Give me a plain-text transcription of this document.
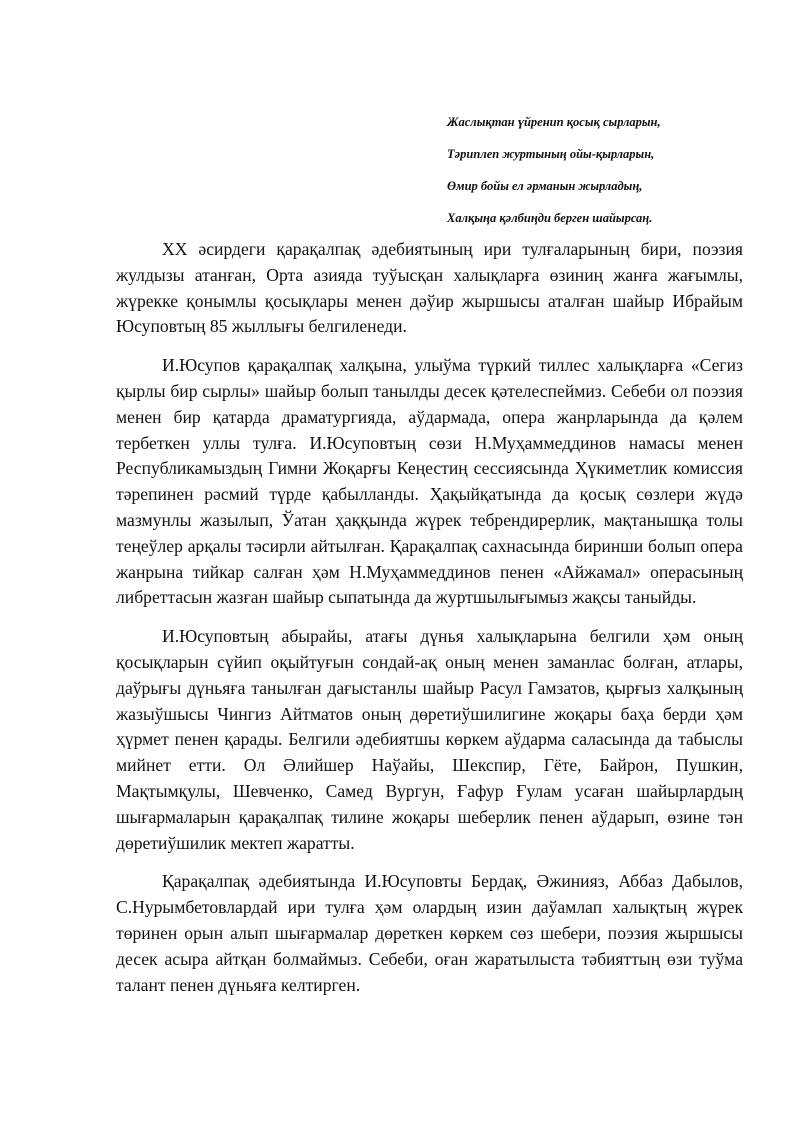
Жаслықтан үйренип қосық сырларын,
Тәриплеп журтының ойы-қырларын,
Өмир бойы ел әрманын жырладың,
Халқыңа қәлбиңди берген шайырсаң.

XX әсирдеги қарақалпақ әдебиятының ири тулғаларының бири, поэзия жулдызы атанған, Орта азияда туўысқан халықларға өзиниң жанға жағымлы, жүрекке қонымлы қосықлары менен дәўир жыршысы аталған шайыр Ибрайым Юсуповтың 85 жыллығы белгиленеди.

И.Юсупов қарақалпақ халқына, улыўма түркий тиллес халықларға «Сегиз қырлы бир сырлы» шайыр болып танылды десек қәтелеспеймиз. Себеби ол поэзия менен бир қатарда драматургияда, аўдармада, опера жанрларында да қәлем тербеткен уллы тулға. И.Юсуповтың сөзи Н.Муҳаммеддинов намасы менен Республикамыздың Гимни Жоқарғы Кеңестиң сессиясында Ҳүкиметлик комиссия тәрепинен рәсмий түрде қабылланды. Ҳақыйқатында да қосық сөзлери жүдә мазмунлы жазылып, Ўатан ҳаққында жүрек тебрендирерлик, мақтанышқа толы теңеўлер арқалы тәсирли айтылған. Қарақалпақ сахнасында биринши болып опера жанрына тийкар салған ҳәм Н.Муҳаммеддинов пенен «Айжамал» операсының либреттасын жазған шайыр сыпатында да журтшылығымыз жақсы таныйды.

И.Юсуповтың абырайы, атағы дүнья халықларына белгили ҳәм оның қосықларын сүйип оқыйтуғын сондай-ақ оның менен заманлас болған, атлары, даўрығы дүньяға танылған дағыстанлы шайыр Расул Гамзатов, қырғыз халқының жазыўшысы Чингиз Айтматов оның дөретиўшилигине жоқары баҳа берди ҳәм ҳүрмет пенен қарады. Белгили әдебиятшы көркем аўдарма саласында да табыслы мийнет етти. Ол Әлийшер Наўайы, Шекспир, Гёте, Байрон, Пушкин, Мақтымқулы, Шевченко, Самед Вургун, Ғафур Ғулам усаған шайырлардың шығармаларын қарақалпақ тилине жоқары шеберлик пенен аўдарып, өзине тән дөретиўшилик мектеп жаратты.

Қарақалпақ әдебиятында И.Юсуповты Бердақ, Әжинияз, Аббаз Дабылов, С.Нурымбетовлардай ири тулға ҳәм олардың изин даўамлап халықтың жүрек төринен орын алып шығармалар дөреткен көркем сөз шебери, поэзия жыршысы десек асыра айтқан болмаймыз. Себеби, оған жаратылыста тәбияттың өзи туўма талант пенен дүньяға келтирген.
